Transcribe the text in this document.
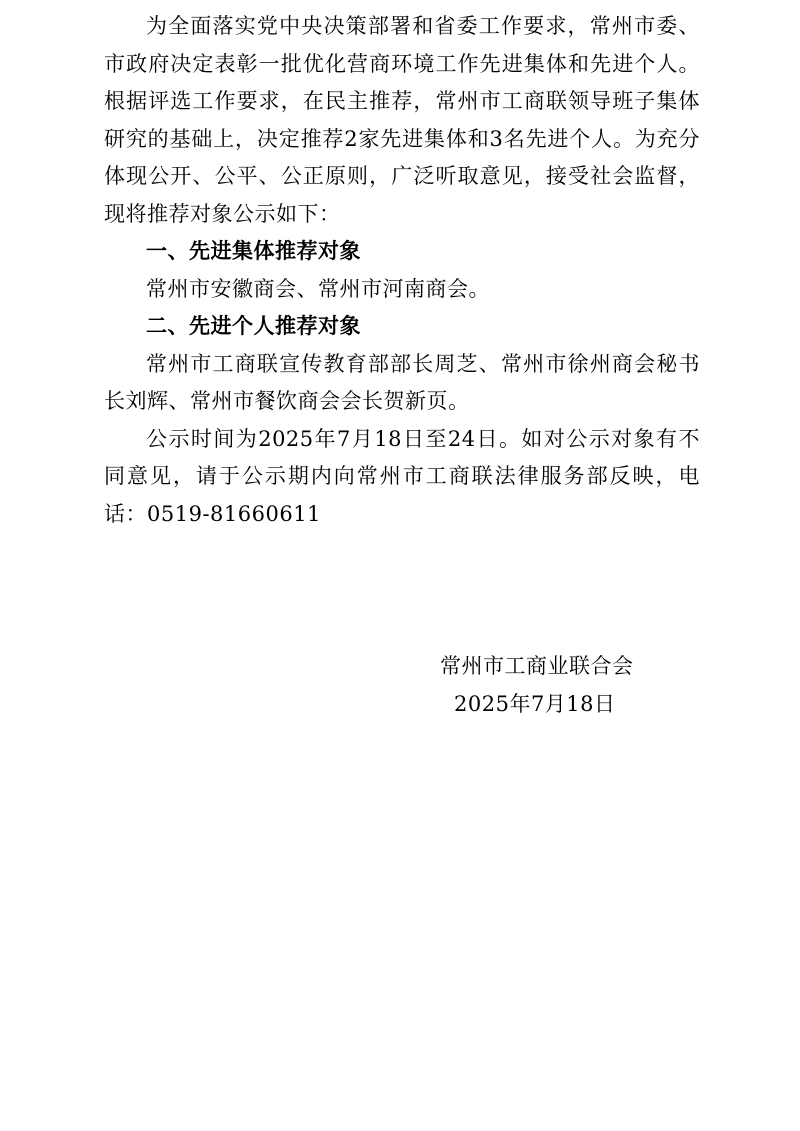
为全面落实党中央决策部署和省委工作要求，常州市委、市政府决定表彰一批优化营商环境工作先进集体和先进个人。根据评选工作要求，在民主推荐，常州市工商联领导班子集体研究的基础上，决定推荐2家先进集体和3名先进个人。为充分体现公开、公平、公正原则，广泛听取意见，接受社会监督，现将推荐对象公示如下：

一、先进集体推荐对象

常州市安徽商会、常州市河南商会。

二、先进个人推荐对象

常州市工商联宣传教育部部长周芝、常州市徐州商会秘书长刘辉、常州市餐饮商会会长贺新页。

公示时间为2025年7月18日至24日。如对公示对象有不同意见，请于公示期内向常州市工商联法律服务部反映，电话：0519-81660611

常州市工商业联合会
2025年7月18日
